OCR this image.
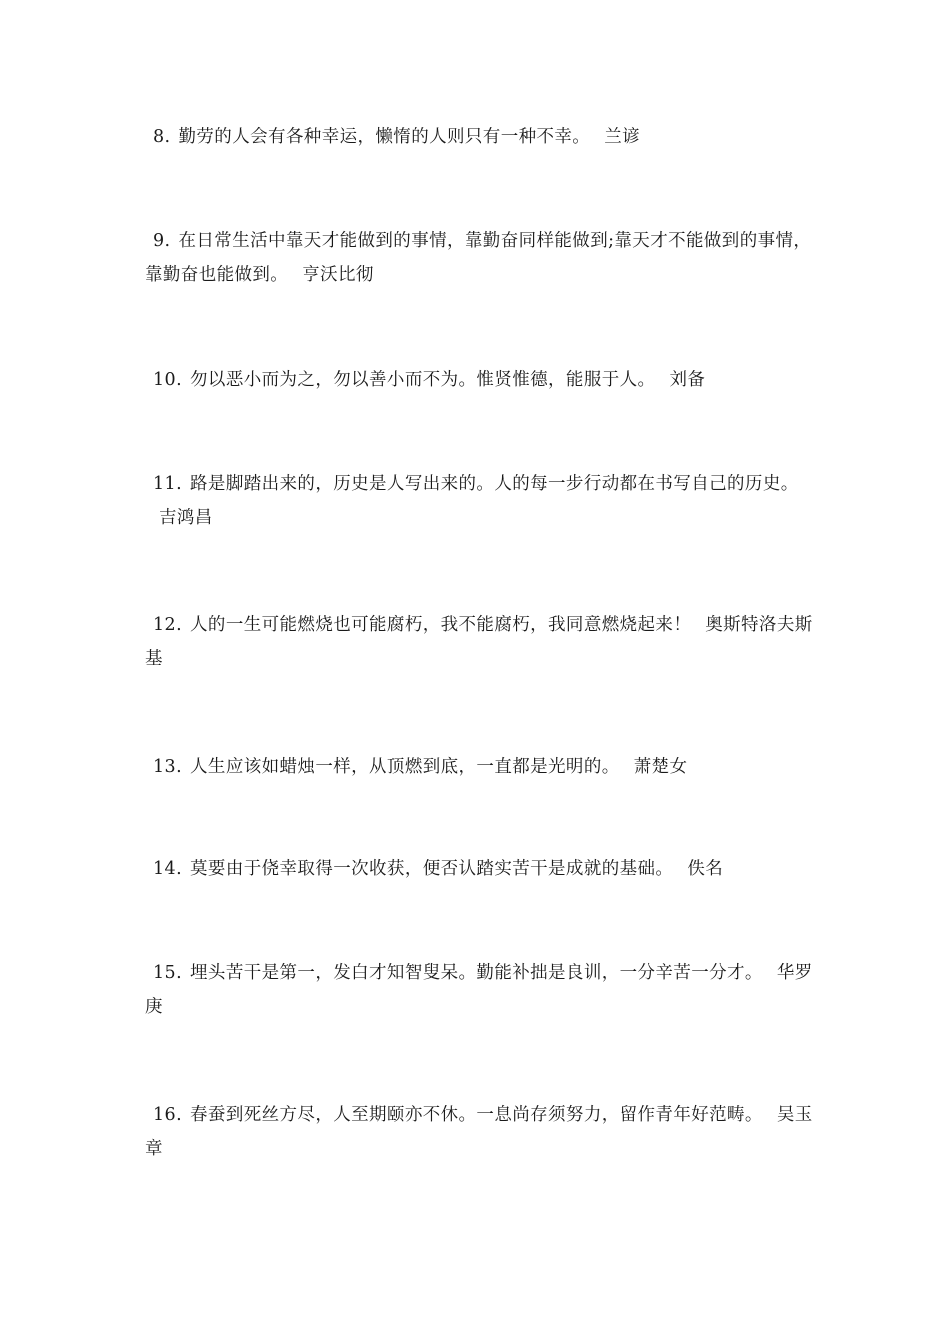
8. 勤劳的人会有各种幸运，懒惰的人则只有一种不幸。 兰谚

9. 在日常生活中靠天才能做到的事情，靠勤奋同样能做到;靠天才不能做到的事情，靠勤奋也能做到。 亨沃比彻

10. 勿以恶小而为之，勿以善小而不为。惟贤惟德，能服于人。 刘备

11. 路是脚踏出来的，历史是人写出来的。人的每一步行动都在书写自己的历史。吉鸿昌

12. 人的一生可能燃烧也可能腐朽，我不能腐朽，我同意燃烧起来！ 奥斯特洛夫斯基

13. 人生应该如蜡烛一样，从顶燃到底，一直都是光明的。 萧楚女

14. 莫要由于侥幸取得一次收获，便否认踏实苦干是成就的基础。 佚名

15. 埋头苦干是第一，发白才知智叟呆。勤能补拙是良训，一分辛苦一分才。 华罗庚

16. 春蚕到死丝方尽，人至期颐亦不休。一息尚存须努力，留作青年好范畴。 吴玉章
